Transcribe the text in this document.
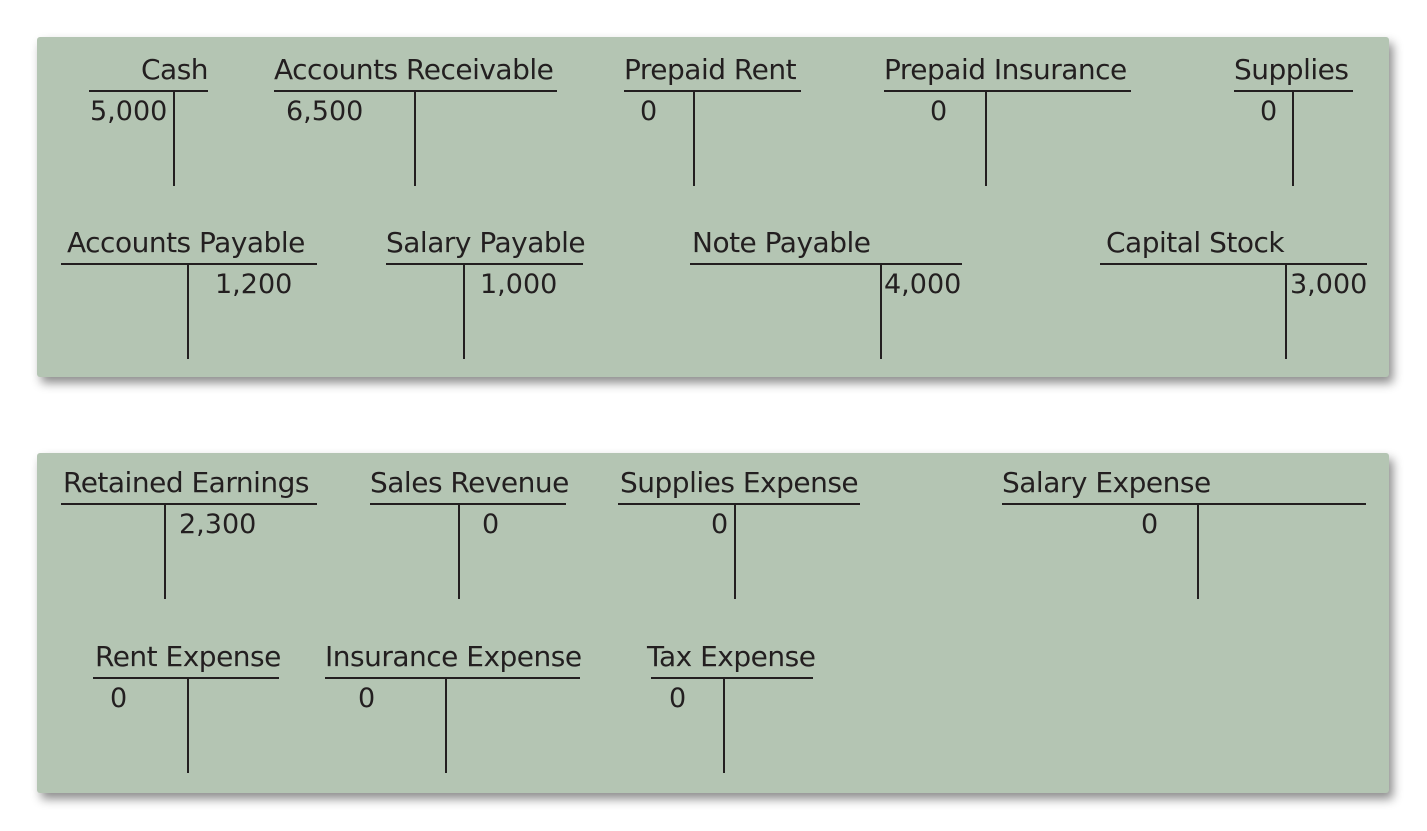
Cash
5,000
Accounts Receivable
6,500
Prepaid Rent
0
Prepaid Insurance
0
Supplies
0
Accounts Payable
1,200
Salary Payable
1,000
Note Payable
4,000
Capital Stock
3,000
Retained Earnings
2,300
Sales Revenue
0
Supplies Expense
0
Salary Expense
0
Rent Expense
0
Insurance Expense
0
Tax Expense
0
